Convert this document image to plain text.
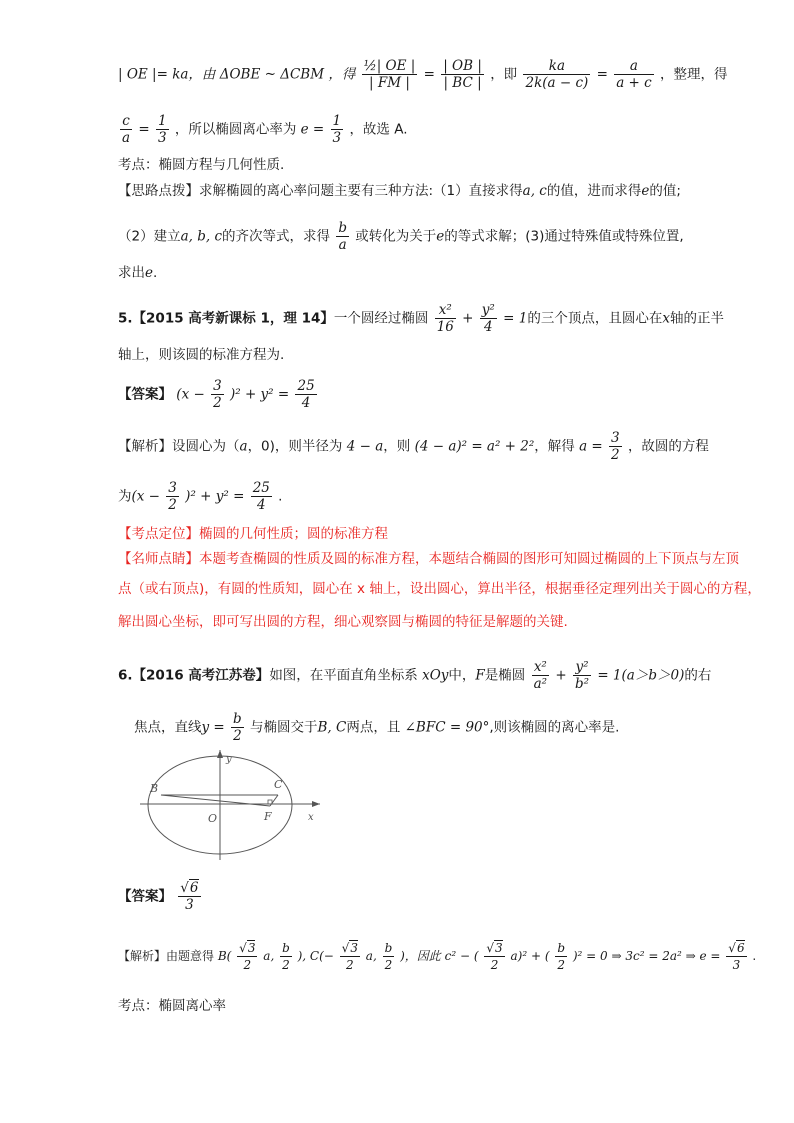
| OE |= ka，由 ΔOBE ~ ΔCBM ，得 $\frac{\text{½| OE |}}{| FM |} = \frac{| OB |}{| BC |}$ ，即 $\frac{ka}{2k(a - c)} = \frac{a}{a + c}$ ，整理，得
$\frac{c}{a} = \frac{1}{3}$ ，所以椭圆离心率为 $e = \frac{1}{3}$ ，故选 A.
考点：椭圆方程与几何性质.
【思路点拨】求解椭圆的离心率问题主要有三种方法:（1）直接求得a, c的值，进而求得e的值;
（2）建立a, b, c的齐次等式，求得 $\frac{b}{a}$ 或转化为关于e的等式求解；(3)通过特殊值或特殊位置,
求出e.
5.【2015 高考新课标 1，理 14】一个圆经过椭圆 $\frac{\text{x²}}{16} + \frac{\text{y²}}{4} = 1$的三个顶点，且圆心在x轴的正半
轴上，则该圆的标准方程为.
【答案】 $(x - \frac{3}{2} )^2 + y^2 = \frac{25}{4}$
【解析】设圆心为（a，0)，则半径为 4 − a，则 (4 − a)² = a² + 2²，解得 $a = \frac{3}{2}$ ，故圆的方程
为$(x - \frac{3}{2} )^2 + y^2 = \frac{25}{4}$ .
【考点定位】椭圆的几何性质；圆的标准方程
【名师点睛】本题考查椭圆的性质及圆的标准方程，本题结合椭圆的图形可知圆过椭圆的上下顶点与左顶
点（或右顶点)，有圆的性质知，圆心在 x 轴上，设出圆心，算出半径，根据垂径定理列出关于圆心的方程，
解出圆心坐标，即可写出圆的方程，细心观察圆与椭圆的特征是解题的关键.
6.【2016 高考江苏卷】如图，在平面直角坐标系 xOy中，F是椭圆 $\frac{\text{x²}}{\text{a²}} + \frac{\text{y²}}{\text{b²}} = 1(a>b>0)$的右
焦点，直线$y = \frac{b}{2}$ 与椭圆交于B, C两点，且 ∠BFC = 90°,则该椭圆的离心率是.
y
x
B	C
O	F
【答案】 $\frac{√6}{3}$
【解析】由题意得 $B( \frac{√3}{2} a$, $\frac{b}{2}$ ), $C(- \frac{√3}{2} a$, $\frac{b}{2}$ )，因此 c² − ( $\frac{√3}{2} a)^2$ + ( $\frac{b}{2} )^2 = 0$ ⇒ 3c² = 2a² ⇒ $e = \frac{√6}{3}$ .
考点：椭圆离心率
